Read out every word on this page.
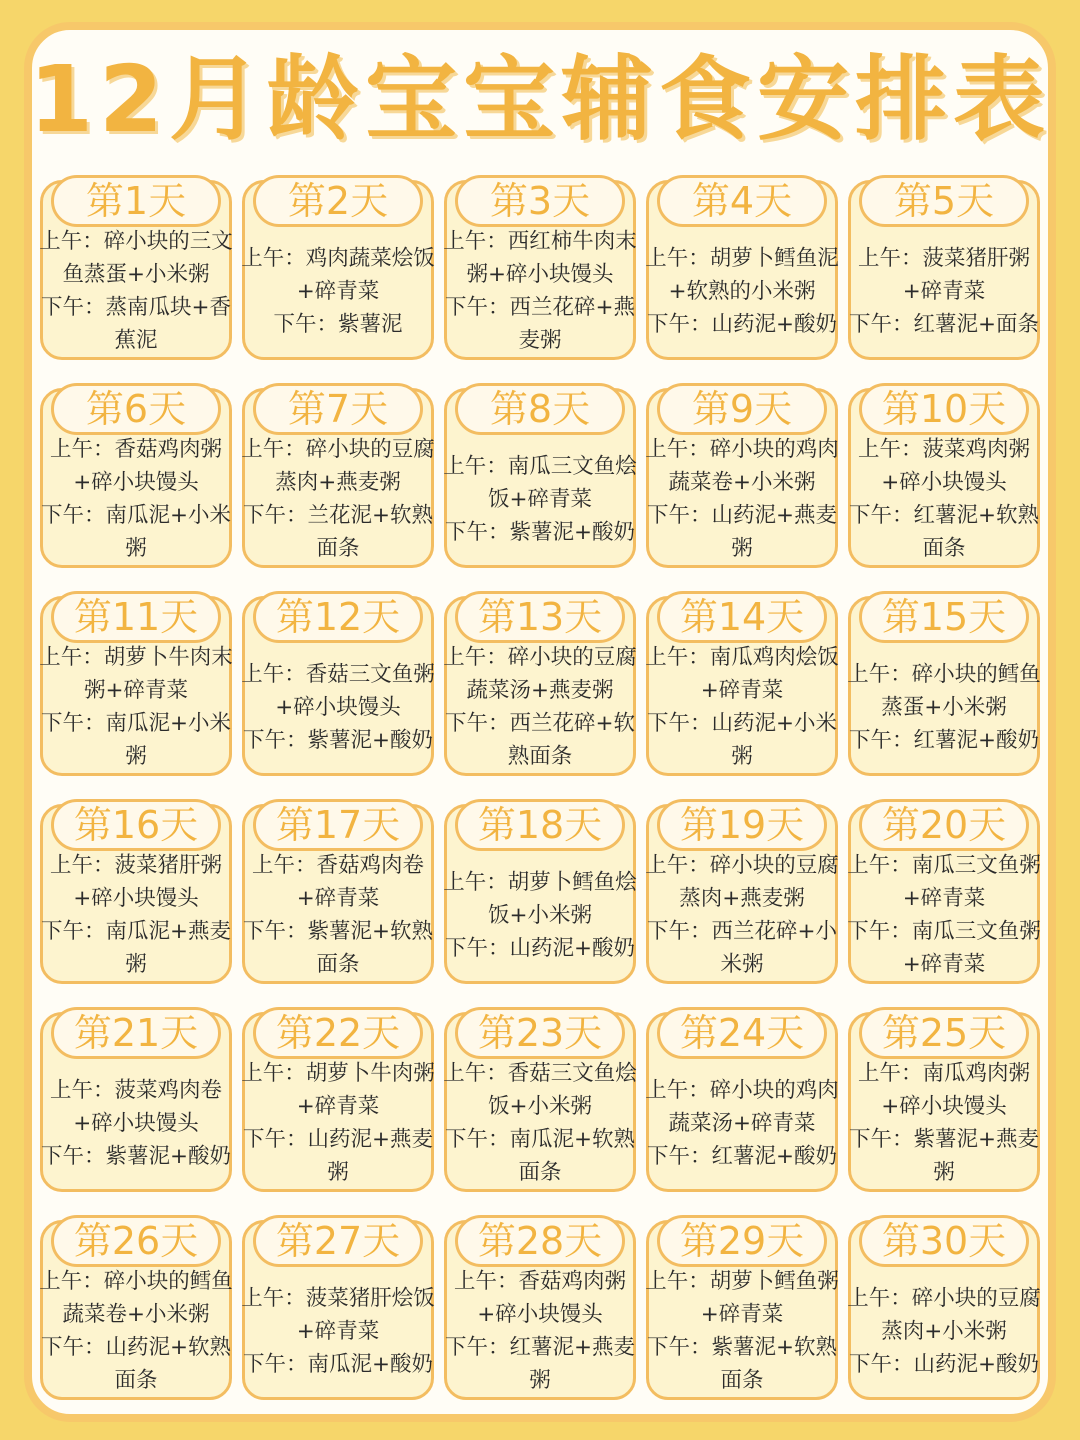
12月龄宝宝辅食安排表
第1天
上午：碎小块的三文鱼蒸蛋+小米粥
下午：蒸南瓜块+香蕉泥
第2天
上午：鸡肉蔬菜烩饭+碎青菜
下午：紫薯泥
第3天
上午：西红柿牛肉末粥+碎小块馒头
下午：西兰花碎+燕麦粥
第4天
上午：胡萝卜鳕鱼泥+软熟的小米粥
下午：山药泥+酸奶
第5天
上午：菠菜猪肝粥+碎青菜
下午：红薯泥+面条
第6天
上午：香菇鸡肉粥+碎小块馒头
下午：南瓜泥+小米粥
第7天
上午：碎小块的豆腐蒸肉+燕麦粥
下午：兰花泥+软熟面条
第8天
上午：南瓜三文鱼烩饭+碎青菜
下午：紫薯泥+酸奶
第9天
上午：碎小块的鸡肉蔬菜卷+小米粥
下午：山药泥+燕麦粥
第10天
上午：菠菜鸡肉粥+碎小块馒头
下午：红薯泥+软熟面条
第11天
上午：胡萝卜牛肉末粥+碎青菜
下午：南瓜泥+小米粥
第12天
上午：香菇三文鱼粥+碎小块馒头
下午：紫薯泥+酸奶
第13天
上午：碎小块的豆腐蔬菜汤+燕麦粥
下午：西兰花碎+软熟面条
第14天
上午：南瓜鸡肉烩饭+碎青菜
下午：山药泥+小米粥
第15天
上午：碎小块的鳕鱼蒸蛋+小米粥
下午：红薯泥+酸奶
第16天
上午：菠菜猪肝粥+碎小块馒头
下午：南瓜泥+燕麦粥
第17天
上午：香菇鸡肉卷+碎青菜
下午：紫薯泥+软熟面条
第18天
上午：胡萝卜鳕鱼烩饭+小米粥
下午：山药泥+酸奶
第19天
上午：碎小块的豆腐蒸肉+燕麦粥
下午：西兰花碎+小米粥
第20天
上午：南瓜三文鱼粥+碎青菜
下午：南瓜三文鱼粥+碎青菜
第21天
上午：菠菜鸡肉卷+碎小块馒头
下午：紫薯泥+酸奶
第22天
上午：胡萝卜牛肉粥+碎青菜
下午：山药泥+燕麦粥
第23天
上午：香菇三文鱼烩饭+小米粥
下午：南瓜泥+软熟面条
第24天
上午：碎小块的鸡肉蔬菜汤+碎青菜
下午：红薯泥+酸奶
第25天
上午：南瓜鸡肉粥+碎小块馒头
下午：紫薯泥+燕麦粥
第26天
上午：碎小块的鳕鱼蔬菜卷+小米粥
下午：山药泥+软熟面条
第27天
上午：菠菜猪肝烩饭+碎青菜
下午：南瓜泥+酸奶
第28天
上午：香菇鸡肉粥+碎小块馒头
下午：红薯泥+燕麦粥
第29天
上午：胡萝卜鳕鱼粥+碎青菜
下午：紫薯泥+软熟面条
第30天
上午：碎小块的豆腐蒸肉+小米粥
下午：山药泥+酸奶
